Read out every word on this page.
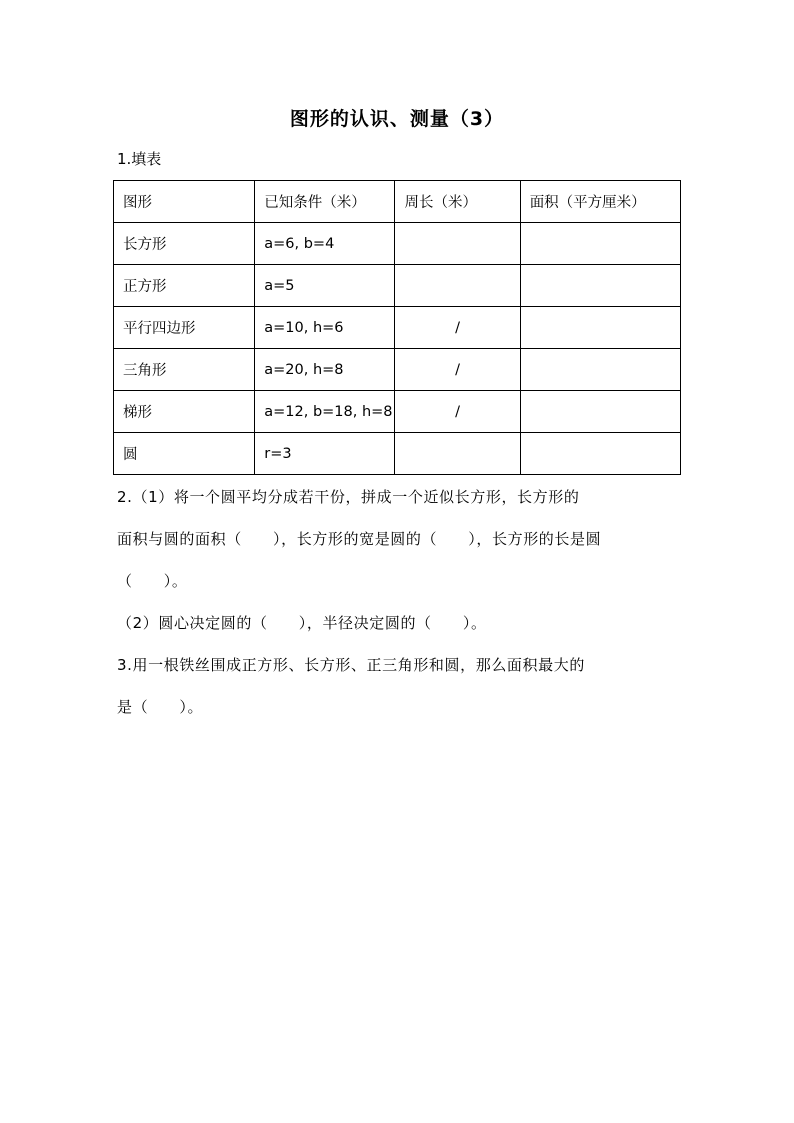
图形的认识、测量（3）
1.填表
图形	已知条件（米）	周长（米）	面积（平方厘米）
长方形	a=6, b=4		
正方形	a=5		
平行四边形	a=10, h=6	/	
三角形	a=20, h=8	/	
梯形	a=12, b=18, h=8	/	
圆	r=3		
2.（1）将一个圆平均分成若干份，拼成一个近似长方形，长方形的
面积与圆的面积（　　），长方形的宽是圆的（　　），长方形的长是圆
（　　）。
（2）圆心决定圆的（　　），半径决定圆的（　　）。
3.用一根铁丝围成正方形、长方形、正三角形和圆，那么面积最大的
是（　　）。
